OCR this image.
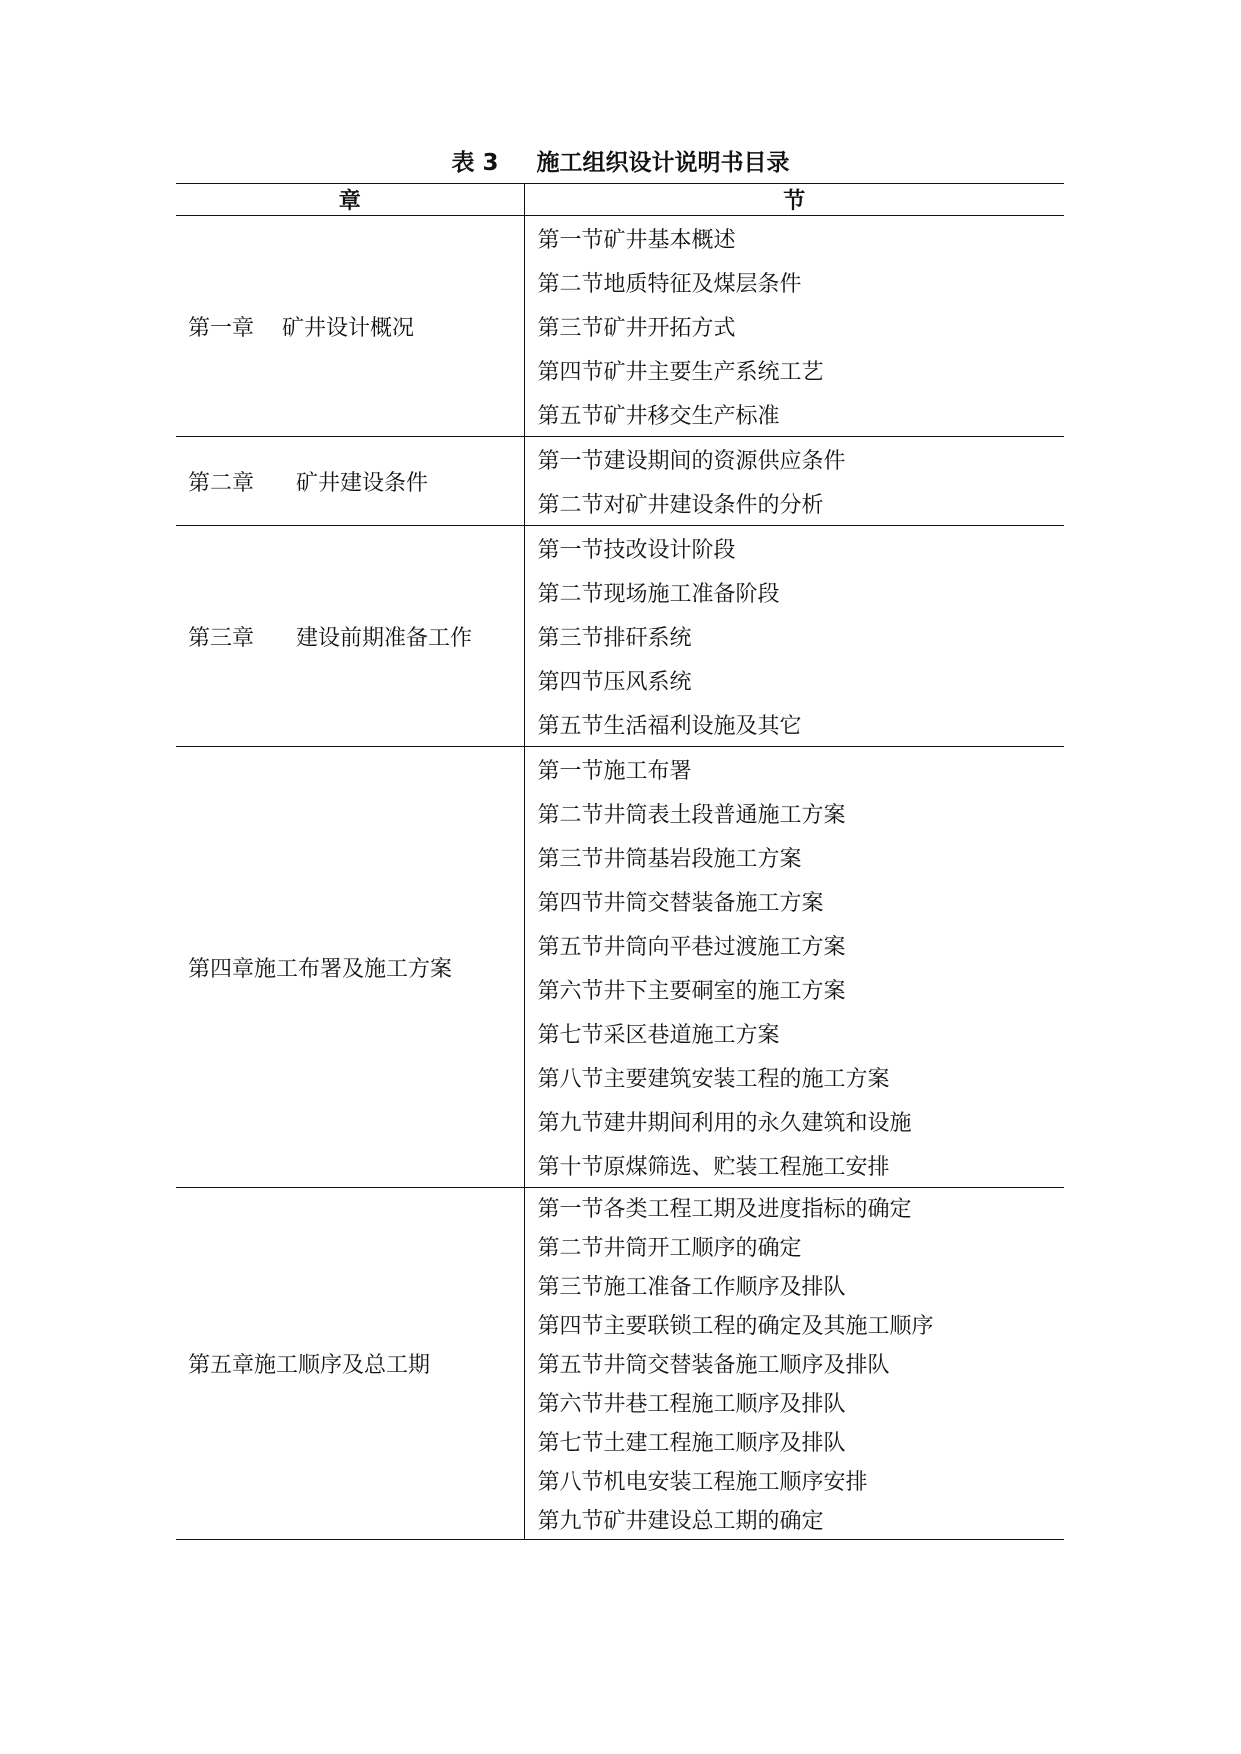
表 3 施工组织设计说明书目录
章	节
第一章    矿井设计概况	第一节矿井基本概述
	第二节地质特征及煤层条件
	第三节矿井开拓方式
	第四节矿井主要生产系统工艺
	第五节矿井移交生产标准
第二章      矿井建设条件	第一节建设期间的资源供应条件
	第二节对矿井建设条件的分析
第三章      建设前期准备工作	第一节技改设计阶段
	第二节现场施工准备阶段
	第三节排矸系统
	第四节压风系统
	第五节生活福利设施及其它
第四章施工布署及施工方案	第一节施工布署
	第二节井筒表土段普通施工方案
	第三节井筒基岩段施工方案
	第四节井筒交替装备施工方案
	第五节井筒向平巷过渡施工方案
	第六节井下主要硐室的施工方案
	第七节采区巷道施工方案
	第八节主要建筑安装工程的施工方案
	第九节建井期间利用的永久建筑和设施
	第十节原煤筛选、贮装工程施工安排
第五章施工顺序及总工期	第一节各类工程工期及进度指标的确定
	第二节井筒开工顺序的确定
	第三节施工准备工作顺序及排队
	第四节主要联锁工程的确定及其施工顺序
	第五节井筒交替装备施工顺序及排队
	第六节井巷工程施工顺序及排队
	第七节土建工程施工顺序及排队
	第八节机电安装工程施工顺序安排
	第九节矿井建设总工期的确定
